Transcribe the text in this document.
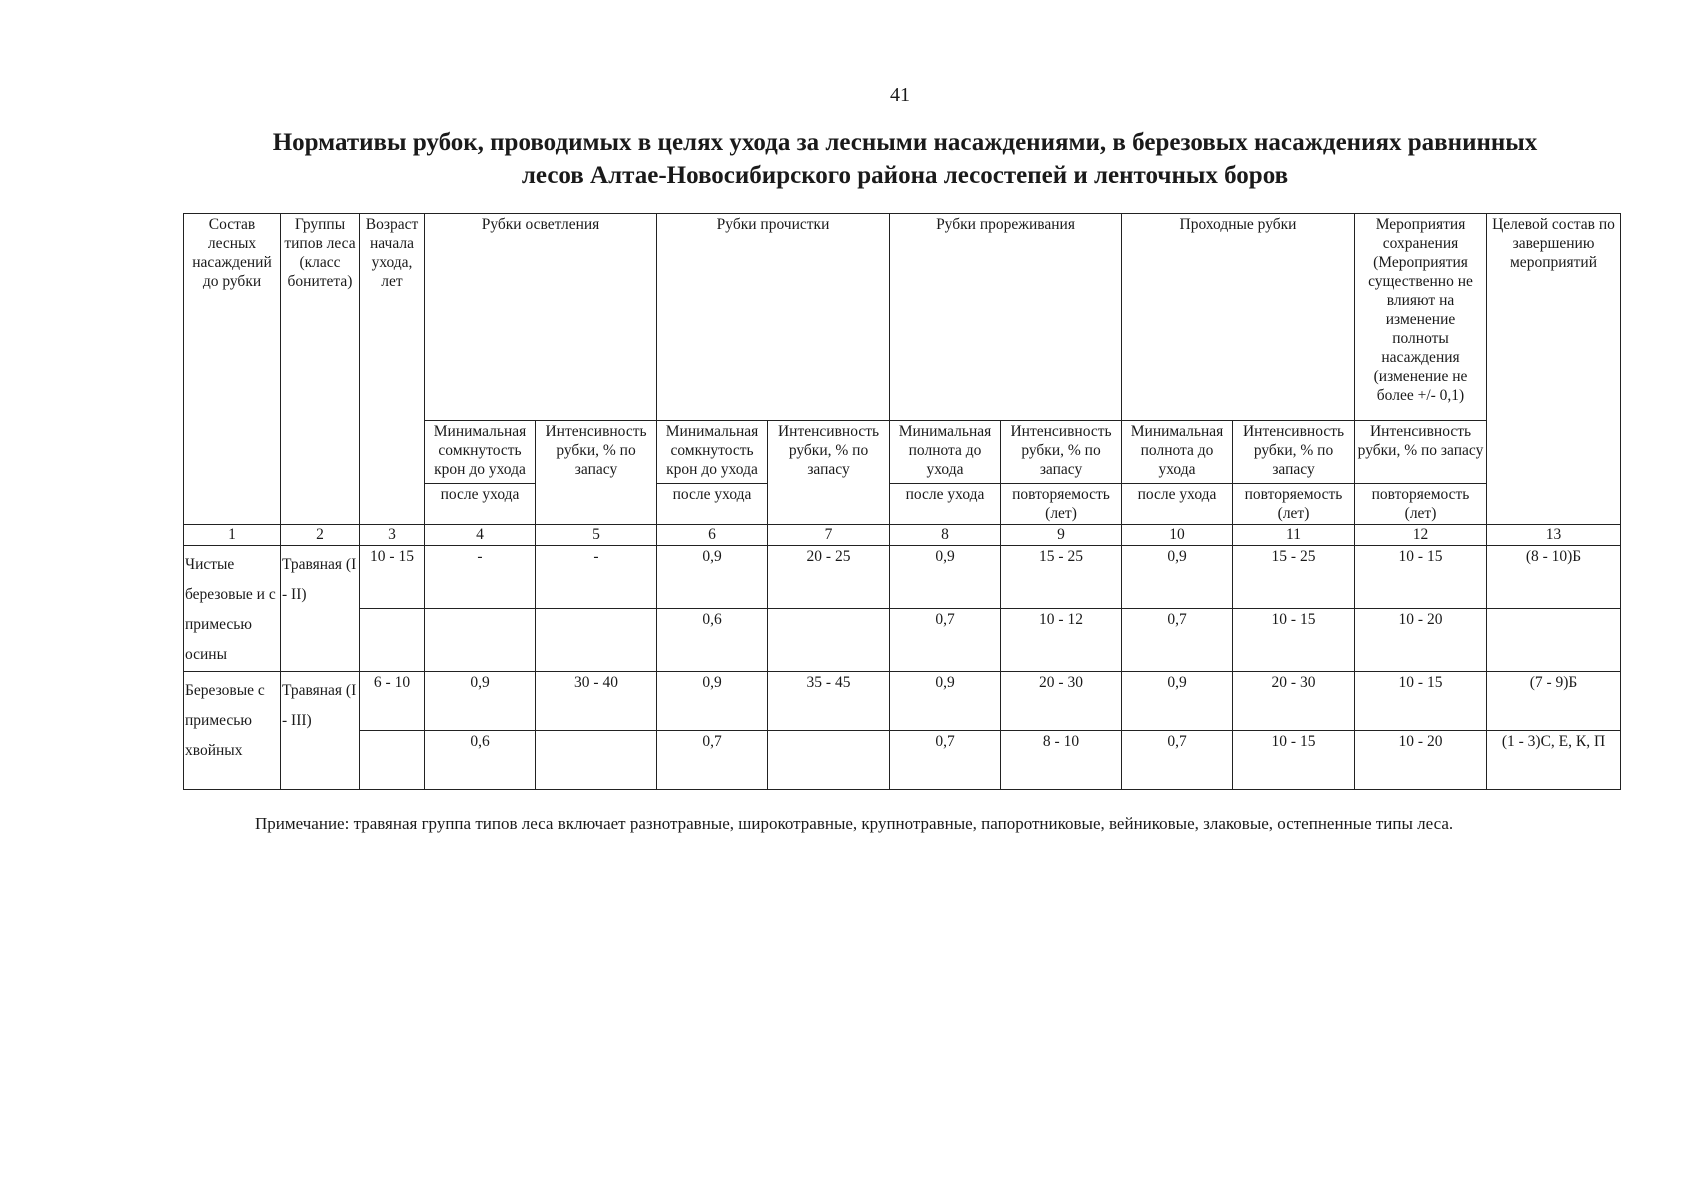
41
Нормативы рубок, проводимых в целях ухода за лесными насаждениями, в березовых насаждениях равнинных
лесов Алтае-Новосибирского района лесостепей и ленточных боров
Состав лесных насаждений до рубки	Группы типов леса (класс бонитета)	Возраст начала ухода, лет	Рубки осветления		Рубки прочистки		Рубки прореживания		Проходные рубки		Мероприятия сохранения (Мероприятия существенно не влияют на изменение полноты насаждения (изменение не более +/- 0,1)	Целевой состав по завершению мероприятий
			Минимальная сомкнутость крон до ухода	Интенсивность рубки, % по запасу	Минимальная сомкнутость крон до ухода	Интенсивность рубки, % по запасу	Минимальная полнота до ухода	Интенсивность рубки, % по запасу	Минимальная полнота до ухода	Интенсивность рубки, % по запасу	Интенсивность рубки, % по запасу	
			после ухода		после ухода		после ухода	повторяемость (лет)	после ухода	повторяемость (лет)	повторяемость (лет)	
1	2	3	4	5	6	7	8	9	10	11	12	13
Чистые березовые и с примесью осины	Травяная (I - II)	10 - 15	-	-	0,9	20 - 25	0,9	15 - 25	0,9	15 - 25	10 - 15	(8 - 10)Б
					0,6		0,7	10 - 12	0,7	10 - 15	10 - 20	
Березовые с примесью хвойных	Травяная (I - III)	6 - 10	0,9	30 - 40	0,9	35 - 45	0,9	20 - 30	0,9	20 - 30	10 - 15	(7 - 9)Б
			0,6		0,7		0,7	8 - 10	0,7	10 - 15	10 - 20	(1 - 3)С, Е, К, П
Примечание: травяная группа типов леса включает разнотравные, широкотравные, крупнотравные, папоротниковые, вейниковые, злаковые, остепненные типы леса.
